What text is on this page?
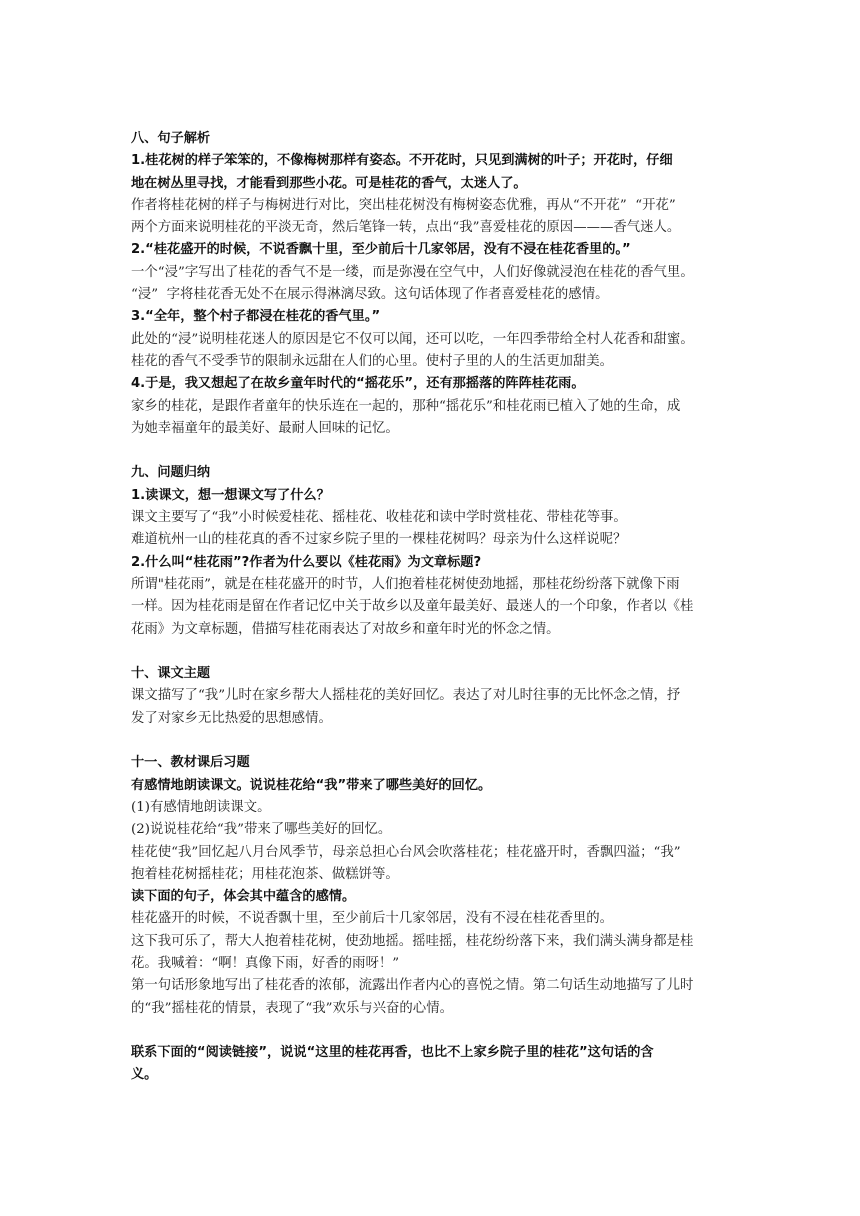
八、句子解析

1.桂花树的样子笨笨的，不像梅树那样有姿态。不开花时，只见到满树的叶子；开花时，仔细

地在树丛里寻找，才能看到那些小花。可是桂花的香气，太迷人了。

作者将桂花树的样子与梅树进行对比，突出桂花树没有梅树姿态优雅，再从“不开花”  “开花”

两个方面来说明桂花的平淡无奇，然后笔锋一转，点出“我”喜爱桂花的原因———香气迷人。

2.“桂花盛开的时候，不说香飘十里，至少前后十几家邻居，没有不浸在桂花香里的。”

一个“浸”字写出了桂花的香气不是一缕，而是弥漫在空气中，人们好像就浸泡在桂花的香气里。

“浸”  字将桂花香无处不在展示得淋漓尽致。这句话体现了作者喜爱桂花的感情。

3.“全年，整个村子都浸在桂花的香气里。”

此处的“浸”说明桂花迷人的原因是它不仅可以闻，还可以吃，一年四季带给全村人花香和甜蜜。

桂花的香气不受季节的限制永远甜在人们的心里。使村子里的人的生活更加甜美。

4.于是，我又想起了在故乡童年时代的“摇花乐”，还有那摇落的阵阵桂花雨。

家乡的桂花，是跟作者童年的快乐连在一起的，那种“摇花乐”和桂花雨已植入了她的生命，成

为她幸福童年的最美好、最耐人回味的记忆。

九、问题归纳

1.读课文，想一想课文写了什么？

课文主要写了“我”小时候爱桂花、摇桂花、收桂花和读中学时赏桂花、带桂花等事。

难道杭州一山的桂花真的香不过家乡院子里的一棵桂花树吗？母亲为什么这样说呢？

2.什么叫“桂花雨”?作者为什么要以《桂花雨》为文章标题?

所谓"桂花雨”，就是在桂花盛开的时节，人们抱着桂花树使劲地摇，那桂花纷纷落下就像下雨

一样。因为桂花雨是留在作者记忆中关于故乡以及童年最美好、最迷人的一个印象，作者以《桂

花雨》为文章标题，借描写桂花雨表达了对故乡和童年时光的怀念之情。

十、课文主题

课文描写了“我”儿时在家乡帮大人摇桂花的美好回忆。表达了对儿时往事的无比怀念之情，抒

发了对家乡无比热爱的思想感情。

十一、教材课后习题

有感情地朗读课文。说说桂花给“我”带来了哪些美好的回忆。

(1)有感情地朗读课文。

(2)说说桂花给“我”带来了哪些美好的回忆。

桂花使“我”回忆起八月台风季节，母亲总担心台风会吹落桂花；桂花盛开时，香飘四溢；“我”

抱着桂花树摇桂花；用桂花泡茶、做糕饼等。

读下面的句子，体会其中蕴含的感情。

桂花盛开的时候，不说香飘十里，至少前后十几家邻居，没有不浸在桂花香里的。

这下我可乐了，帮大人抱着桂花树，使劲地摇。摇哇摇，桂花纷纷落下来，我们满头满身都是桂

花。我喊着：“啊！真像下雨，好香的雨呀！”

第一句话形象地写出了桂花香的浓郁，流露出作者内心的喜悦之情。第二句话生动地描写了儿时

的“我”摇桂花的情景，表现了“我”欢乐与兴奋的心情。

联系下面的“阅读链接”，说说“这里的桂花再香，也比不上家乡院子里的桂花”这句话的含

义。
